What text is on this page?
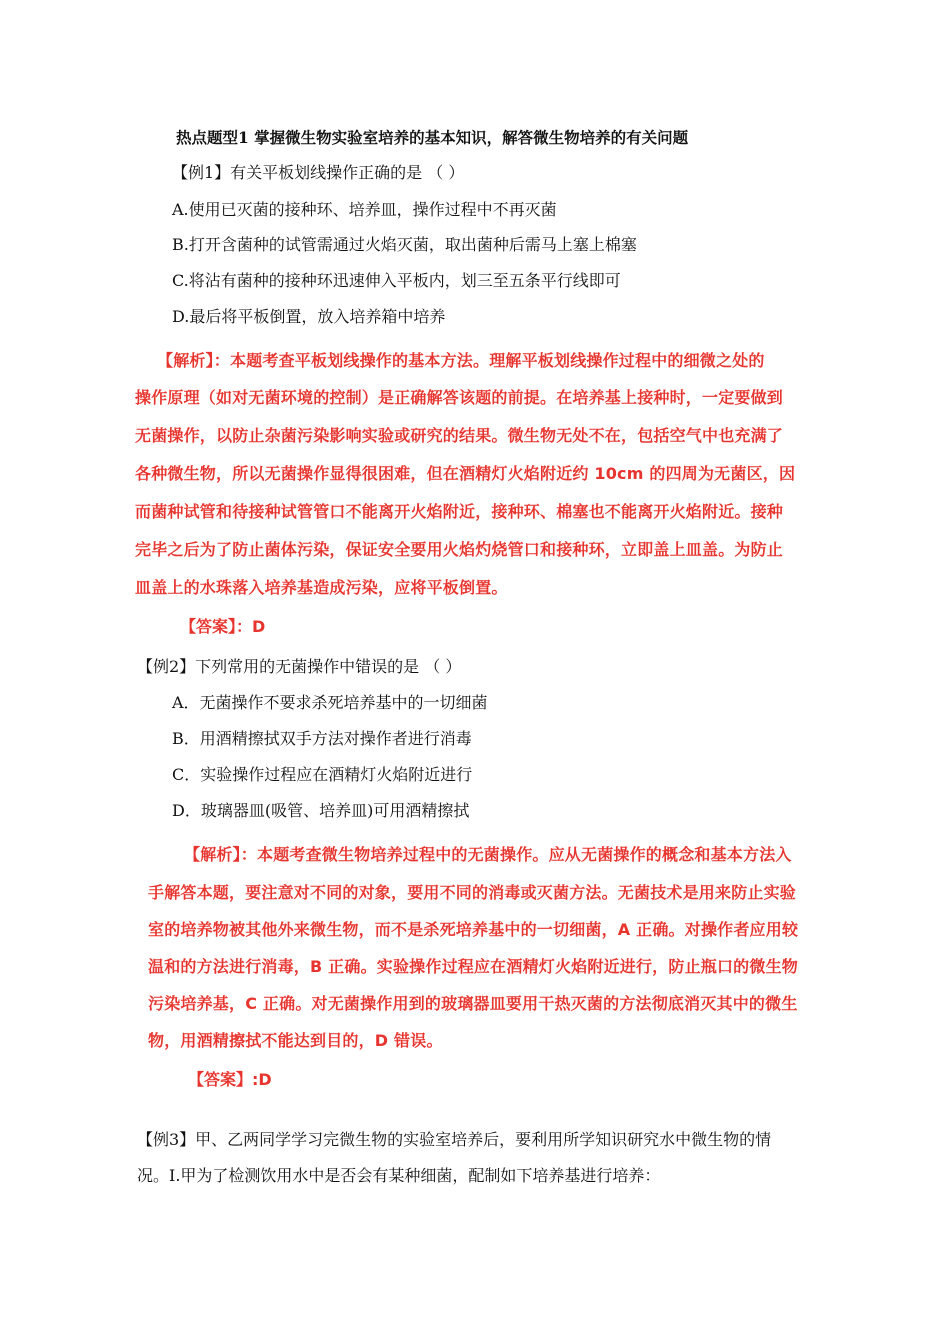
热点题型1 掌握微生物实验室培养的基本知识，解答微生物培养的有关问题
【例1】有关平板划线操作正确的是 （ ）
A.使用已灭菌的接种环、培养皿，操作过程中不再灭菌
B.打开含菌种的试管需通过火焰灭菌，取出菌种后需马上塞上棉塞
C.将沾有菌种的接种环迅速伸入平板内，划三至五条平行线即可
D.最后将平板倒置，放入培养箱中培养
【解析】：本题考查平板划线操作的基本方法。理解平板划线操作过程中的细微之处的
操作原理（如对无菌环境的控制）是正确解答该题的前提。在培养基上接种时，一定要做到
无菌操作，以防止杂菌污染影响实验或研究的结果。微生物无处不在，包括空气中也充满了
各种微生物，所以无菌操作显得很困难，但在酒精灯火焰附近约 10cm 的四周为无菌区，因
而菌种试管和待接种试管管口不能离开火焰附近，接种环、棉塞也不能离开火焰附近。接种
完毕之后为了防止菌体污染，保证安全要用火焰灼烧管口和接种环，立即盖上皿盖。为防止
皿盖上的水珠落入培养基造成污染，应将平板倒置。
【答案】：D
【例2】下列常用的无菌操作中错误的是 （ ）
A．无菌操作不要求杀死培养基中的一切细菌
B．用酒精擦拭双手方法对操作者进行消毒
C．实验操作过程应在酒精灯火焰附近进行
D．玻璃器皿(吸管、培养皿)可用酒精擦拭
【解析】：本题考查微生物培养过程中的无菌操作。应从无菌操作的概念和基本方法入
手解答本题，要注意对不同的对象，要用不同的消毒或灭菌方法。无菌技术是用来防止实验
室的培养物被其他外来微生物，而不是杀死培养基中的一切细菌，A 正确。对操作者应用较
温和的方法进行消毒，B 正确。实验操作过程应在酒精灯火焰附近进行，防止瓶口的微生物
污染培养基，C 正确。对无菌操作用到的玻璃器皿要用干热灭菌的方法彻底消灭其中的微生
物，用酒精擦拭不能达到目的，D 错误。
【答案】:D
【例3】甲、乙两同学学习完微生物的实验室培养后，要利用所学知识研究水中微生物的情
况。Ⅰ.甲为了检测饮用水中是否会有某种细菌，配制如下培养基进行培养：
